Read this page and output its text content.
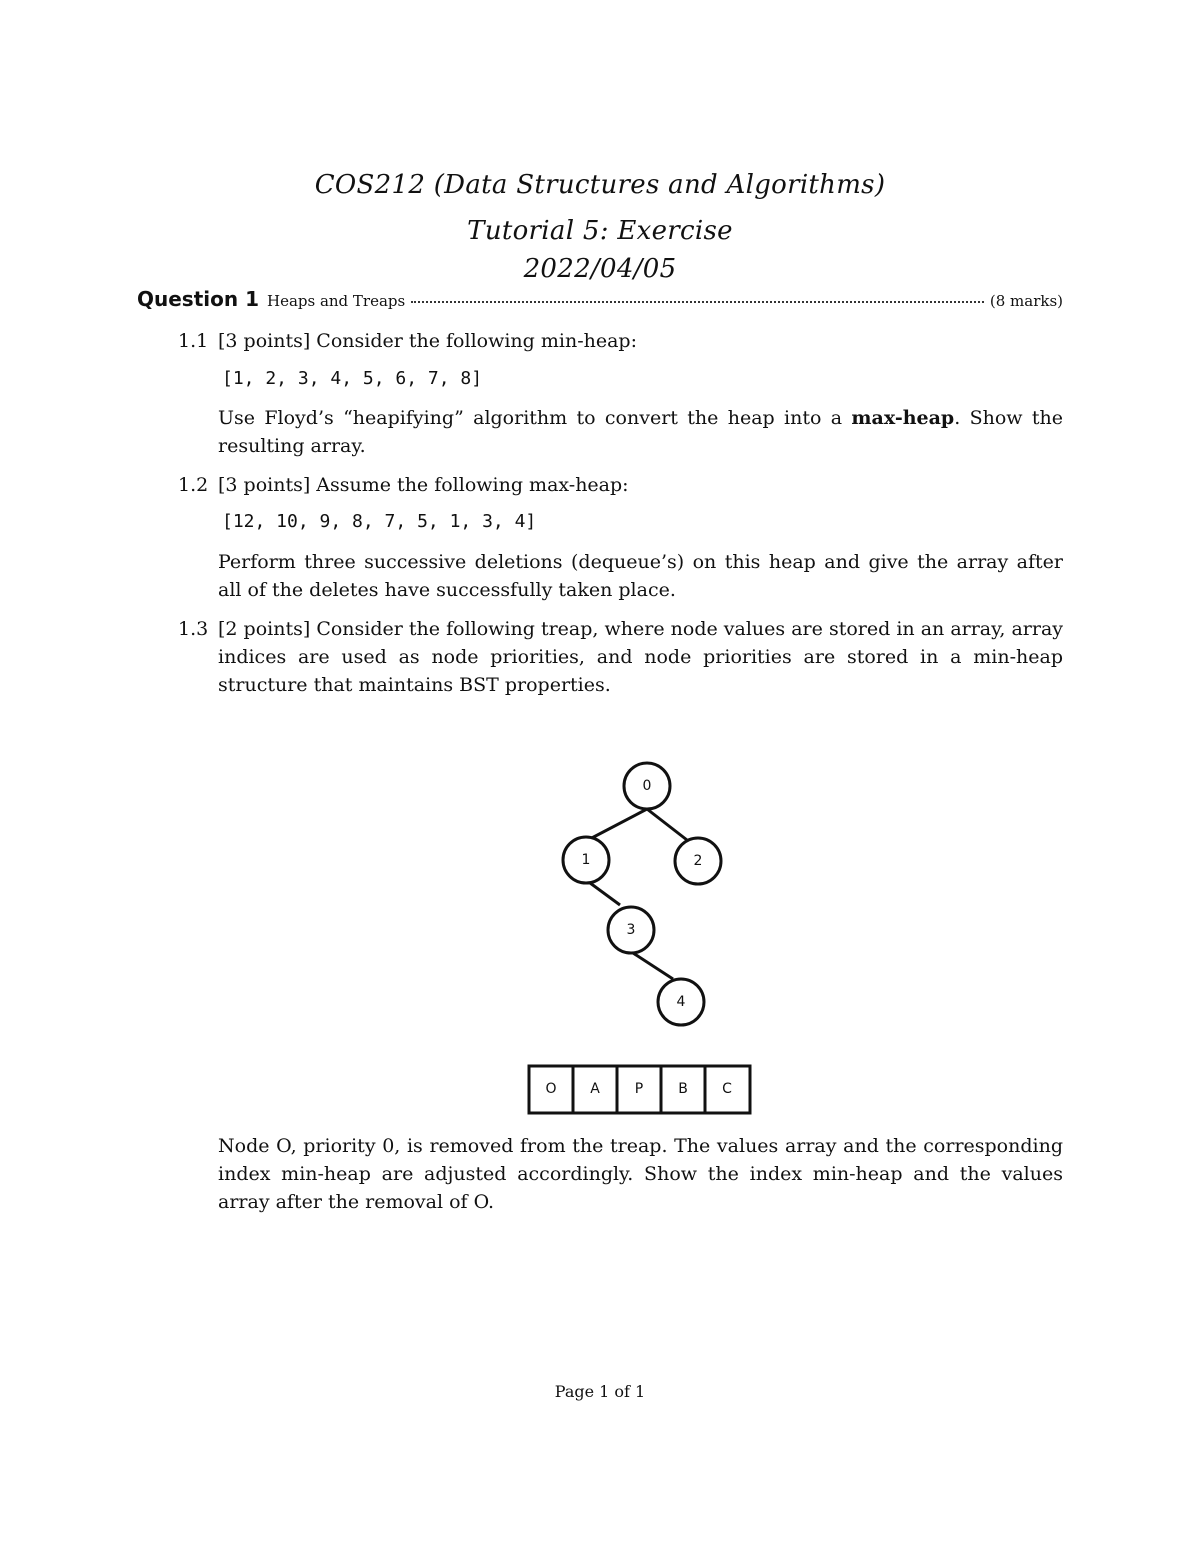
COS212 (Data Structures and Algorithms)
Tutorial 5: Exercise
2022/04/05
Question 1 Heaps and Treaps	(8 marks)
1.1 [3 points] Consider the following min-heap:
[1, 2, 3, 4, 5, 6, 7, 8]
Use Floyd’s “heapifying” algorithm to convert the heap into a max-heap. Show the resulting array.
1.2 [3 points] Assume the following max-heap:
[12, 10, 9, 8, 7, 5, 1, 3, 4]
Perform three successive deletions (dequeue’s) on this heap and give the array after all of the deletes have successfully taken place.
1.3 [2 points] Consider the following treap, where node values are stored in an array, array indices are used as node priorities, and node priorities are stored in a min-heap structure that maintains BST properties.
0
1	2
3
4
O A P B C
Node O, priority 0, is removed from the treap. The values array and the corresponding index min-heap are adjusted accordingly. Show the index min-heap and the values array after the removal of O.
Page 1 of 1
